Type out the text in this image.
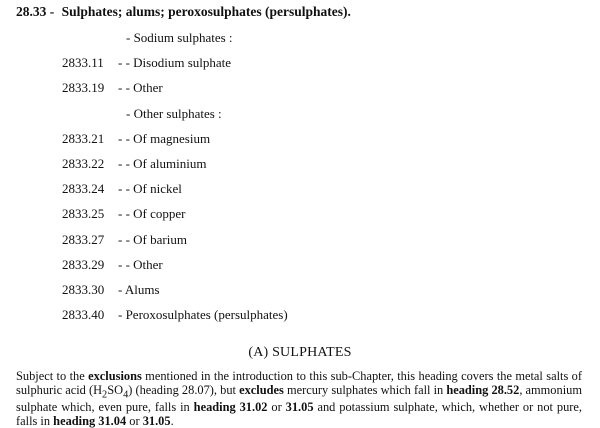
28.33 - Sulphates; alums; peroxosulphates (persulphates).
- Sodium sulphates :
2833.11 - - Disodium sulphate
2833.19 - - Other
- Other sulphates :
2833.21 - - Of magnesium
2833.22 - - Of aluminium
2833.24 - - Of nickel
2833.25 - - Of copper
2833.27 - - Of barium
2833.29 - - Other
2833.30 - Alums
2833.40 - Peroxosulphates (persulphates)
(A) SULPHATES
Subject to the exclusions mentioned in the introduction to this sub-Chapter, this heading covers the metal salts of sulphuric acid $(H_2SO_4)$ (heading 28.07), but excludes mercury sulphates which fall in heading 28.52, ammonium sulphate which, even pure, falls in heading 31.02 or 31.05 and potassium sulphate, which, whether or not pure, falls in heading 31.04 or 31.05.
